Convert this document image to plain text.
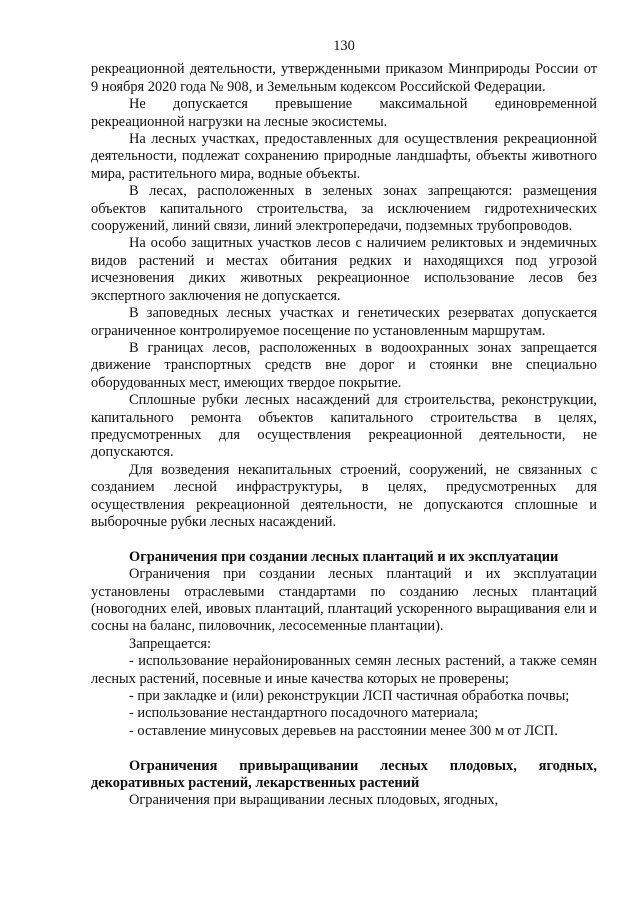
130

рекреационной деятельности, утвержденными приказом Минприроды России от 9 ноября 2020 года № 908, и Земельным кодексом Российской Федерации.

Не допускается превышение максимальной единовременной рекреационной нагрузки на лесные экосистемы.

На лесных участках, предоставленных для осуществления рекреационной деятельности, подлежат сохранению природные ландшафты, объекты животного мира, растительного мира, водные объекты.

В лесах, расположенных в зеленых зонах запрещаются: размещения объектов капитального строительства, за исключением гидротехнических сооружений, линий связи, линий электропередачи, подземных трубопроводов.

На особо защитных участков лесов с наличием реликтовых и эндемичных видов растений и местах обитания редких и находящихся под угрозой исчезновения диких животных рекреационное использование лесов без экспертного заключения не допускается.

В заповедных лесных участках и генетических резерватах допускается ограниченное контролируемое посещение по установленным маршрутам.

В границах лесов, расположенных в водоохранных зонах запрещается движение транспортных средств вне дорог и стоянки вне специально оборудованных мест, имеющих твердое покрытие.

Сплошные рубки лесных насаждений для строительства, реконструкции, капитального ремонта объектов капитального строительства в целях, предусмотренных для осуществления рекреационной деятельности, не допускаются.

Для возведения некапитальных строений, сооружений, не связанных с созданием лесной инфраструктуры, в целях, предусмотренных для осуществления рекреационной деятельности, не допускаются сплошные и выборочные рубки лесных насаждений.

Ограничения при создании лесных плантаций и их эксплуатации

Ограничения при создании лесных плантаций и их эксплуатации установлены отраслевыми стандартами по созданию лесных плантаций (новогодних елей, ивовых плантаций, плантаций ускоренного выращивания ели и сосны на баланс, пиловочник, лесосеменные плантации).

Запрещается:

- использование нерайонированных семян лесных растений, а также семян лесных растений, посевные и иные качества которых не проверены;

- при закладке и (или) реконструкции ЛСП частичная обработка почвы;

- использование нестандартного посадочного материала;

- оставление минусовых деревьев на расстоянии менее 300 м от ЛСП.

Ограничения привыращивании лесных плодовых, ягодных, декоративных растений, лекарственных растений

Ограничения при выращивании лесных плодовых, ягодных,
